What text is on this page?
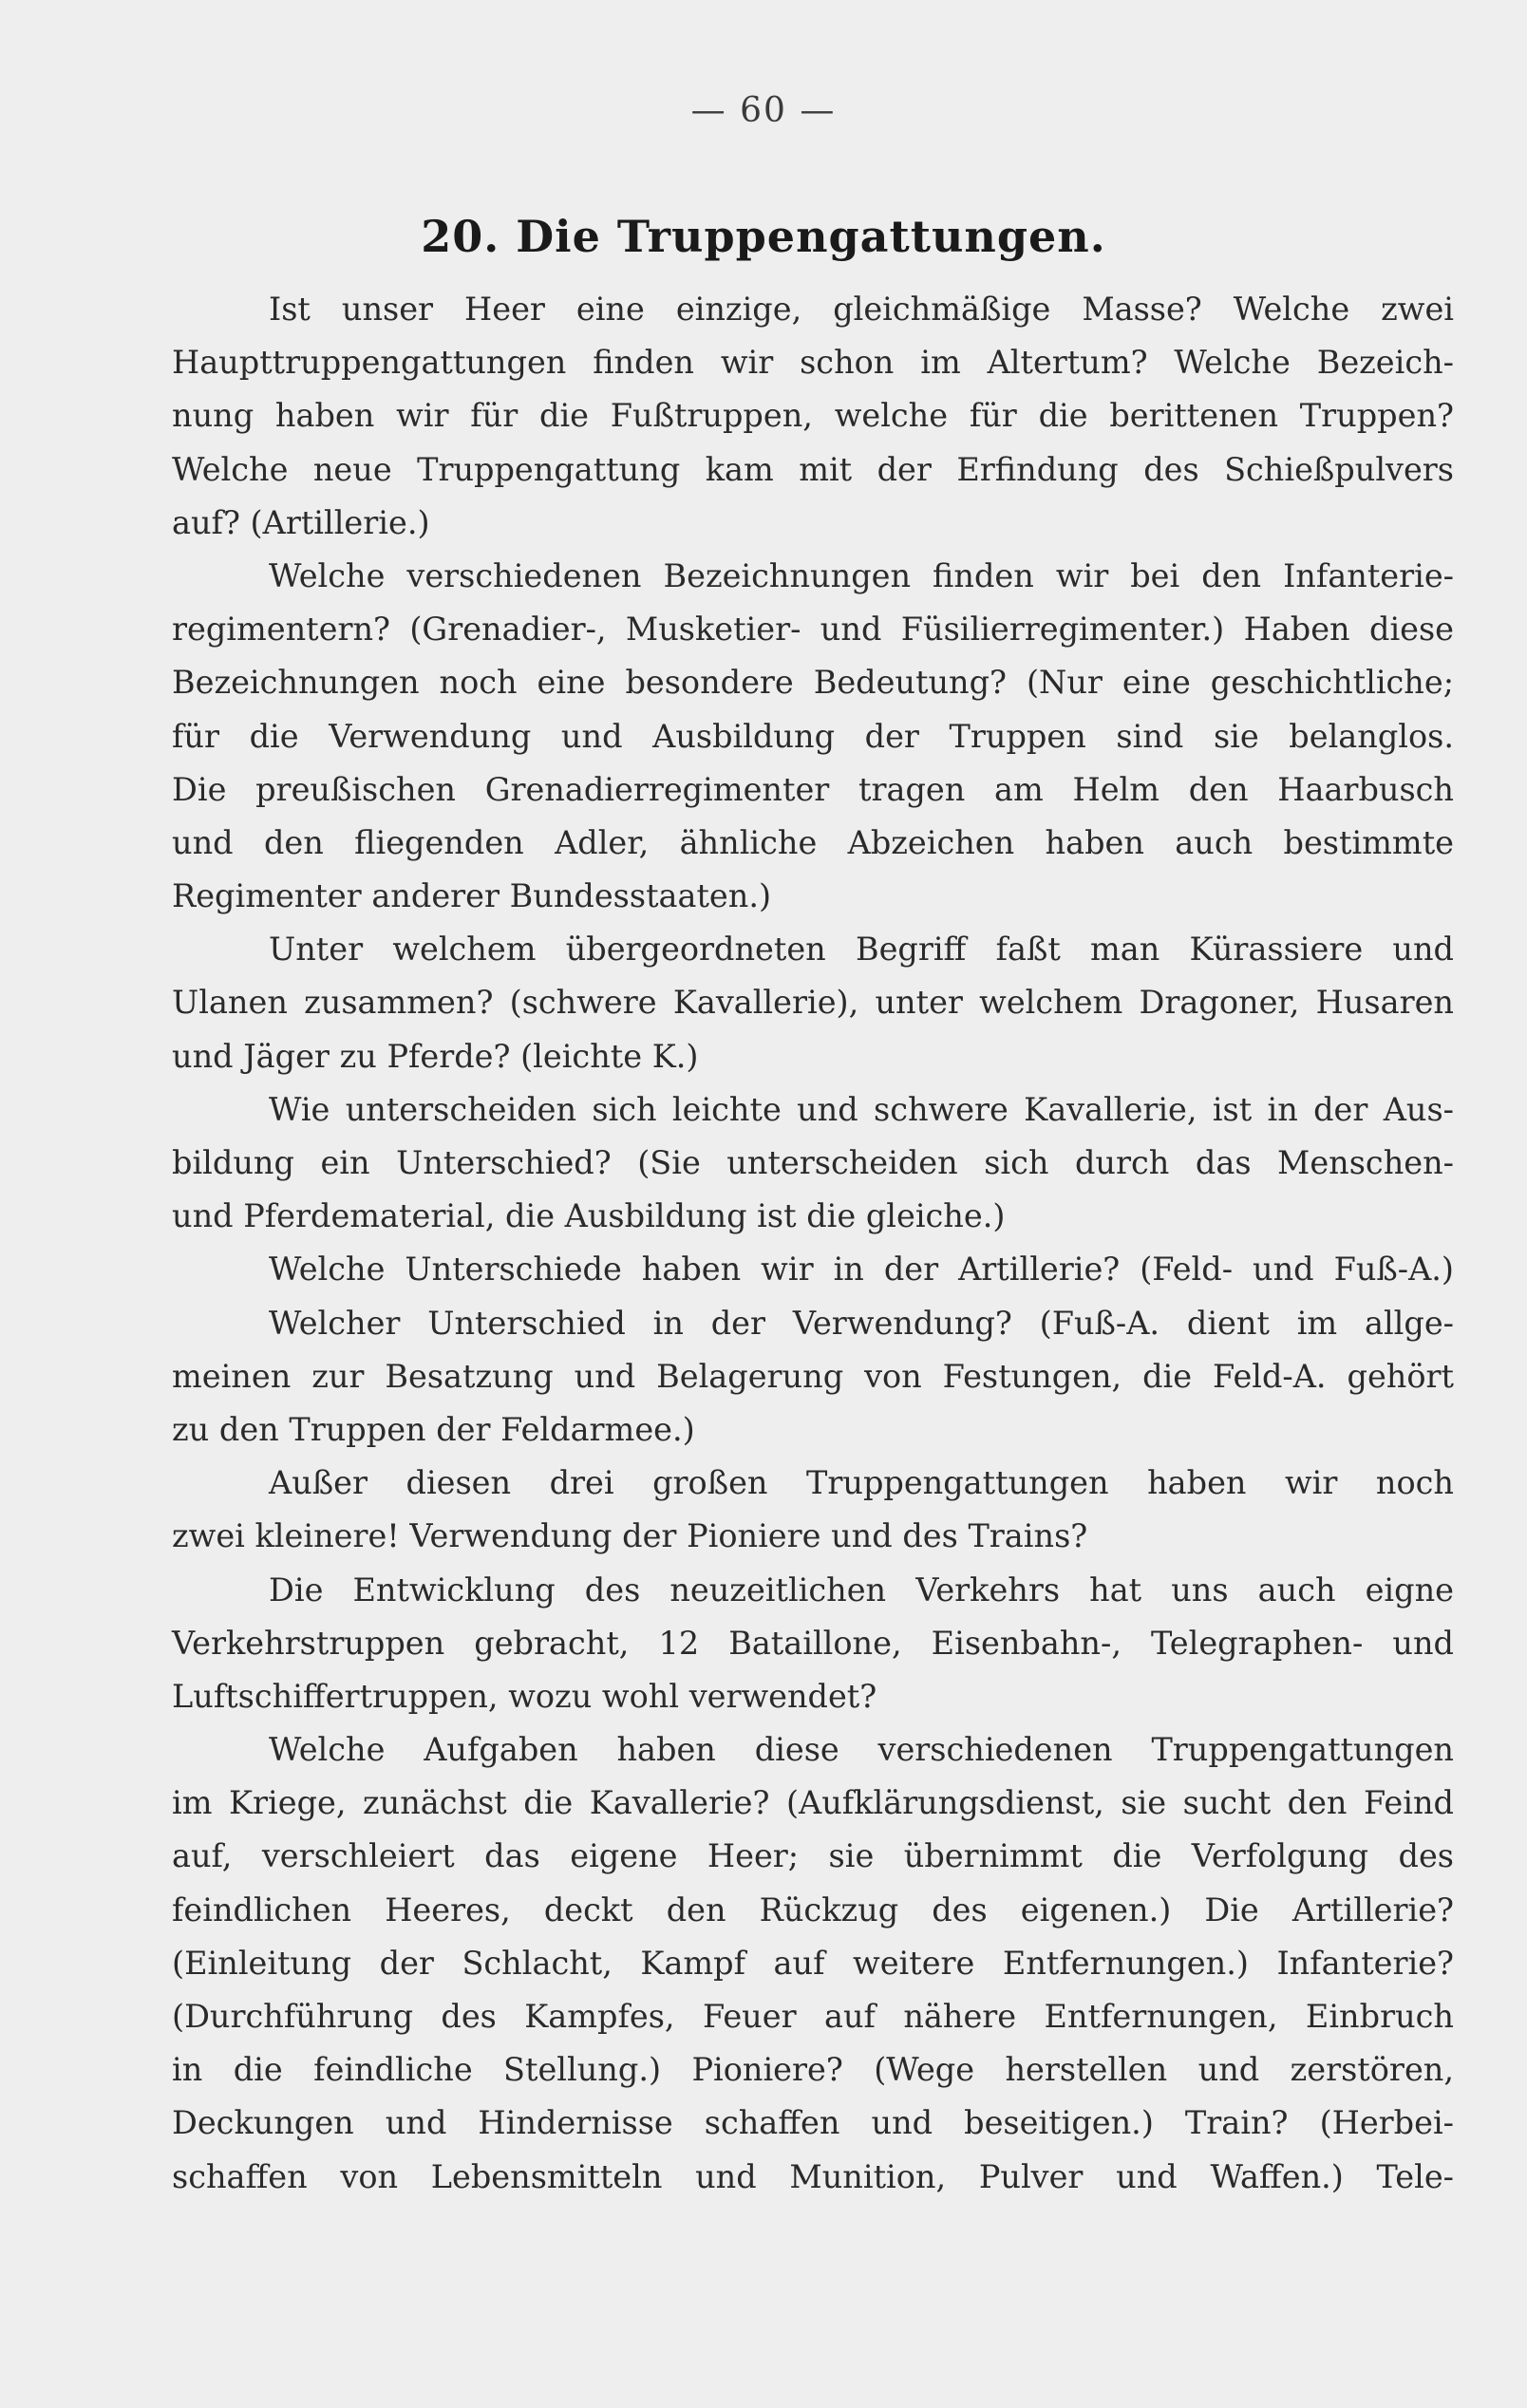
— 60 —
20. Die Truppengattungen.
Ist unser Heer eine einzige, gleichmäßige Masse? Welche zwei
Haupttruppengattungen finden wir schon im Altertum? Welche Bezeich-
nung haben wir für die Fußtruppen, welche für die berittenen Truppen?
Welche neue Truppengattung kam mit der Erfindung des Schießpulvers
auf? (Artillerie.)
Welche verschiedenen Bezeichnungen finden wir bei den Infanterie-
regimentern? (Grenadier-, Musketier- und Füsilierregimenter.) Haben diese
Bezeichnungen noch eine besondere Bedeutung? (Nur eine geschichtliche;
für die Verwendung und Ausbildung der Truppen sind sie belanglos.
Die preußischen Grenadierregimenter tragen am Helm den Haarbusch
und den fliegenden Adler, ähnliche Abzeichen haben auch bestimmte
Regimenter anderer Bundesstaaten.)
Unter welchem übergeordneten Begriff faßt man Kürassiere und
Ulanen zusammen? (schwere Kavallerie), unter welchem Dragoner, Husaren
und Jäger zu Pferde? (leichte K.)
Wie unterscheiden sich leichte und schwere Kavallerie, ist in der Aus-
bildung ein Unterschied? (Sie unterscheiden sich durch das Menschen-
und Pferdematerial, die Ausbildung ist die gleiche.)
Welche Unterschiede haben wir in der Artillerie? (Feld- und Fuß-A.)
Welcher Unterschied in der Verwendung? (Fuß-A. dient im allge-
meinen zur Besatzung und Belagerung von Festungen, die Feld-A. gehört
zu den Truppen der Feldarmee.)
Außer diesen drei großen Truppengattungen haben wir noch
zwei kleinere! Verwendung der Pioniere und des Trains?
Die Entwicklung des neuzeitlichen Verkehrs hat uns auch eigne
Verkehrstruppen gebracht, 12 Bataillone, Eisenbahn-, Telegraphen- und
Luftschiffertruppen, wozu wohl verwendet?
Welche Aufgaben haben diese verschiedenen Truppengattungen
im Kriege, zunächst die Kavallerie? (Aufklärungsdienst, sie sucht den Feind
auf, verschleiert das eigene Heer; sie übernimmt die Verfolgung des
feindlichen Heeres, deckt den Rückzug des eigenen.) Die Artillerie?
(Einleitung der Schlacht, Kampf auf weitere Entfernungen.) Infanterie?
(Durchführung des Kampfes, Feuer auf nähere Entfernungen, Einbruch
in die feindliche Stellung.) Pioniere? (Wege herstellen und zerstören,
Deckungen und Hindernisse schaffen und beseitigen.) Train? (Herbei-
schaffen von Lebensmitteln und Munition, Pulver und Waffen.) Tele-
